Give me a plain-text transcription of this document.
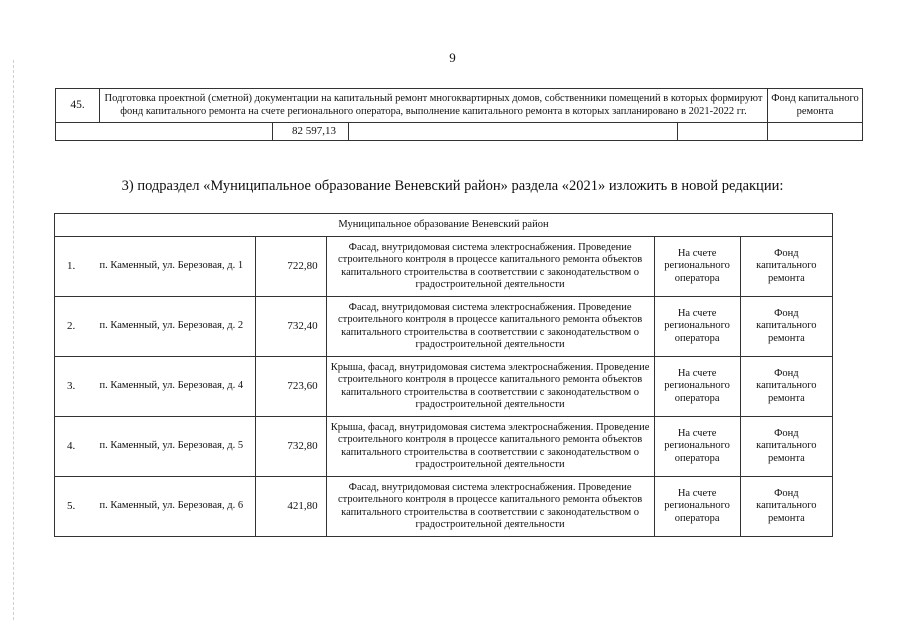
9
45.	Подготовка проектной (сметной) документации на капитальный ремонт многоквартирных домов, собственники помещений в которых формируют фонд капитального ремонта на счете регионального оператора, выполнение капитального ремонта в которых запланировано в 2021-2022 гг.				Фонд капитального ремонта
		82 597,13			
3) подраздел «Муниципальное образование Веневский район» раздела «2021» изложить в новой редакции:
Муниципальное образование Веневский район					
1.	п. Каменный, ул. Березовая, д. 1	722,80	Фасад, внутридомовая система электроснабжения. Проведение строительного контроля в процессе капитального ремонта объектов капитального строительства в соответствии с законодательством о градостроительной деятельности	На счете регионального оператора	Фонд капитального ремонта
2.	п. Каменный, ул. Березовая, д. 2	732,40	Фасад, внутридомовая система электроснабжения. Проведение строительного контроля в процессе капитального ремонта объектов капитального строительства в соответствии с законодательством о градостроительной деятельности	На счете регионального оператора	Фонд капитального ремонта
3.	п. Каменный, ул. Березовая, д. 4	723,60	Крыша, фасад, внутридомовая система электроснабжения. Проведение строительного контроля в процессе капитального ремонта объектов капитального строительства в соответствии с законодательством о градостроительной деятельности	На счете регионального оператора	Фонд капитального ремонта
4.	п. Каменный, ул. Березовая, д. 5	732,80	Крыша, фасад, внутридомовая система электроснабжения. Проведение строительного контроля в процессе капитального ремонта объектов капитального строительства в соответствии с законодательством о градостроительной деятельности	На счете регионального оператора	Фонд капитального ремонта
5.	п. Каменный, ул. Березовая, д. 6	421,80	Фасад, внутридомовая система электроснабжения. Проведение строительного контроля в процессе капитального ремонта объектов капитального строительства в соответствии с законодательством о градостроительной деятельности	На счете регионального оператора	Фонд капитального ремонта
